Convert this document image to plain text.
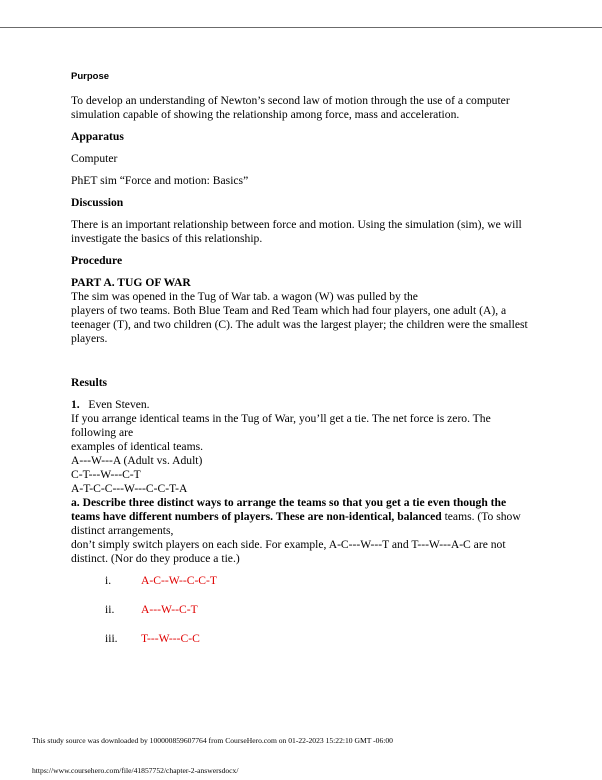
Purpose
To develop an understanding of Newton’s second law of motion through the use of a computer simulation capable of showing the relationship among force, mass and acceleration.
Apparatus
Computer
PhET sim “Force and motion: Basics”
Discussion
There is an important relationship between force and motion. Using the simulation (sim), we will investigate the basics of this relationship.
Procedure
PART A. TUG OF WAR
The sim was opened in the Tug of War tab. a wagon (W) was pulled by the
players of two teams. Both Blue Team and Red Team which had four players, one adult (A), a teenager (T), and two children (C). The adult was the largest player; the children were the smallest players.
Results
1. Even Steven.
If you arrange identical teams in the Tug of War, you’ll get a tie. The net force is zero. The following are
examples of identical teams.
A---W---A (Adult vs. Adult)
C-T---W---C-T
A-T-C-C---W---C-C-T-A
a. Describe three distinct ways to arrange the teams so that you get a tie even though the teams have different numbers of players. These are non-identical, balanced teams. (To show distinct arrangements,
don’t simply switch players on each side. For example, A-C---W---T and T---W---A-C are not distinct. (Nor do they produce a tie.)
i.	A-C--W--C-C-T
ii.	A---W--C-T
iii.	T---W---C-C
This study source was downloaded by 100000859607764 from CourseHero.com on 01-22-2023 15:22:10 GMT -06:00
https://www.coursehero.com/file/41857752/chapter-2-answersdocx/
